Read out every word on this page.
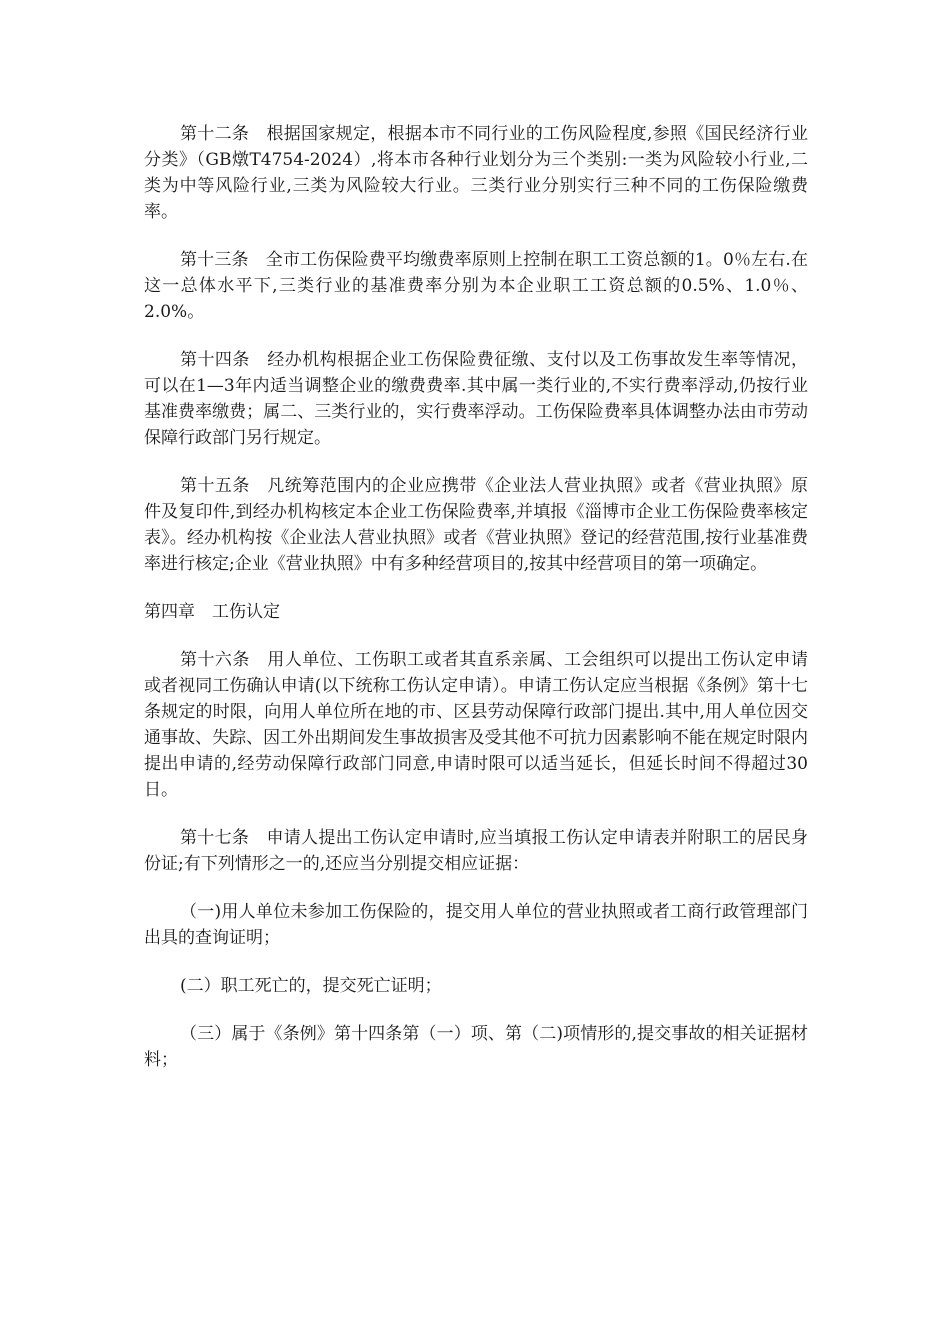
第十二条　根据国家规定，根据本市不同行业的工伤风险程度,参照《国民经济行业分类》（GB燉T4754-2024）,将本市各种行业划分为三个类别:一类为风险较小行业,二类为中等风险行业,三类为风险较大行业。三类行业分别实行三种不同的工伤保险缴费率。

第十三条　全市工伤保险费平均缴费率原则上控制在职工工资总额的1。0％左右.在这一总体水平下,三类行业的基准费率分别为本企业职工工资总额的0.5%、1.0％、2.0%。

第十四条　经办机构根据企业工伤保险费征缴、支付以及工伤事故发生率等情况，可以在1—3年内适当调整企业的缴费费率.其中属一类行业的,不实行费率浮动,仍按行业基准费率缴费；属二、三类行业的，实行费率浮动。工伤保险费率具体调整办法由市劳动保障行政部门另行规定。

第十五条　凡统筹范围内的企业应携带《企业法人营业执照》或者《营业执照》原件及复印件,到经办机构核定本企业工伤保险费率,并填报《淄博市企业工伤保险费率核定表》。经办机构按《企业法人营业执照》或者《营业执照》登记的经营范围,按行业基准费率进行核定;企业《营业执照》中有多种经营项目的,按其中经营项目的第一项确定。

第四章　工伤认定

第十六条　用人单位、工伤职工或者其直系亲属、工会组织可以提出工伤认定申请或者视同工伤确认申请(以下统称工伤认定申请）。申请工伤认定应当根据《条例》第十七条规定的时限，向用人单位所在地的市、区县劳动保障行政部门提出.其中,用人单位因交通事故、失踪、因工外出期间发生事故损害及受其他不可抗力因素影响不能在规定时限内提出申请的,经劳动保障行政部门同意,申请时限可以适当延长，但延长时间不得超过30日。

第十七条　申请人提出工伤认定申请时,应当填报工伤认定申请表并附职工的居民身份证;有下列情形之一的,还应当分别提交相应证据：

（一)用人单位未参加工伤保险的，提交用人单位的营业执照或者工商行政管理部门出具的查询证明；

(二）职工死亡的，提交死亡证明；

（三）属于《条例》第十四条第（一）项、第（二)项情形的,提交事故的相关证据材料；
